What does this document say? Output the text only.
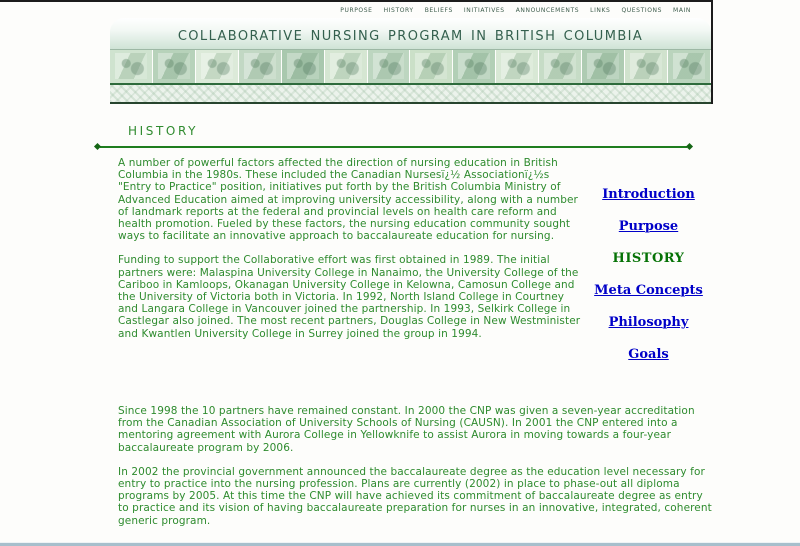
purpose history beliefs initiatives announcements links questions main
collaborative nursing program in british columbia
history

A number of powerful factors affected the direction of nursing education in British Columbia in the 1980s. These included the Canadian Nursesï¿½ Associationï¿½s "Entry to Practice" position, initiatives put forth by the British Columbia Ministry of Advanced Education aimed at improving university accessibility, along with a number of landmark reports at the federal and provincial levels on health care reform and health promotion. Fueled by these factors, the nursing education community sought ways to facilitate an innovative approach to baccalaureate education for nursing.

Funding to support the Collaborative effort was first obtained in 1989. The initial partners were: Malaspina University College in Nanaimo, the University College of the Cariboo in Kamloops, Okanagan University College in Kelowna, Camosun College and the University of Victoria both in Victoria. In 1992, North Island College in Courtney and Langara College in Vancouver joined the partnership. In 1993, Selkirk College in Castlegar also joined. The most recent partners, Douglas College in New Westminister and Kwantlen University College in Surrey joined the group in 1994.

Introduction
Purpose
HISTORY
Meta Concepts
Philosophy
Goals

Since 1998 the 10 partners have remained constant. In 2000 the CNP was given a seven-year accreditation from the Canadian Association of University Schools of Nursing (CAUSN). In 2001 the CNP entered into a mentoring agreement with Aurora College in Yellowknife to assist Aurora in moving towards a four-year baccalaureate program by 2006.

In 2002 the provincial government announced the baccalaureate degree as the education level necessary for entry to practice into the nursing profession. Plans are currently (2002) in place to phase-out all diploma programs by 2005. At this time the CNP will have achieved its commitment of baccalaureate degree as entry to practice and its vision of having baccalaureate preparation for nurses in an innovative, integrated, coherent generic program.
